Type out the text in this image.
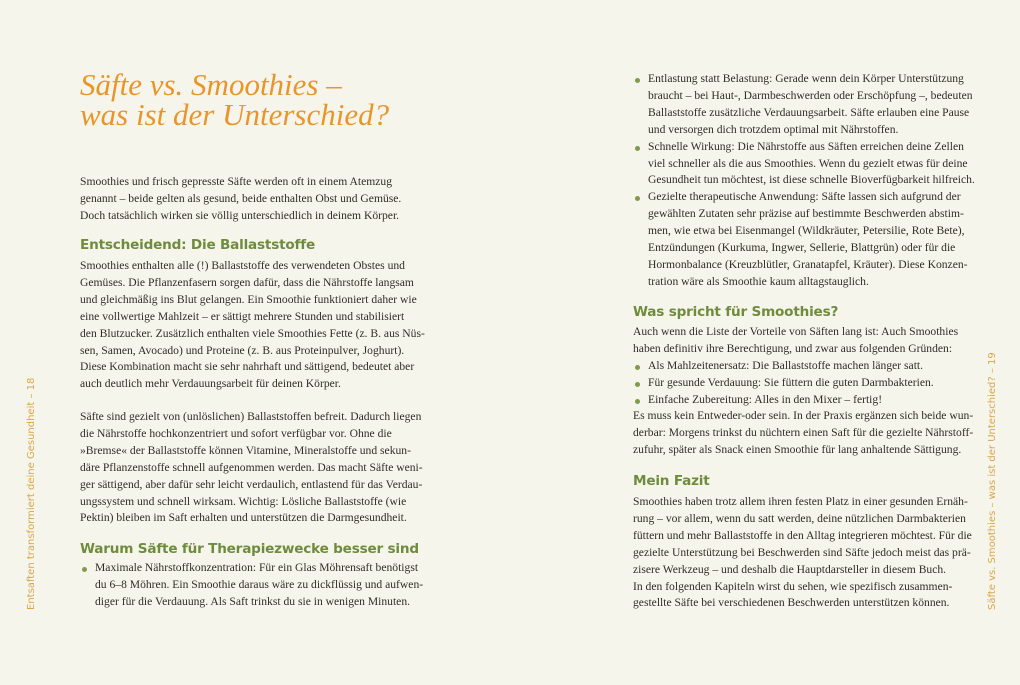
Säfte vs. Smoothies –
was ist der Unterschied?
Smoothies und frisch gepresste Säfte werden oft in einem Atemzug
genannt – beide gelten als gesund, beide enthalten Obst und Gemüse.
Doch tatsächlich wirken sie völlig unterschiedlich in deinem Körper.
Entscheidend: Die Ballaststoffe
Smoothies enthalten alle (!) Ballaststoffe des verwendeten Obstes und
Gemüses. Die Pflanzenfasern sorgen dafür, dass die Nährstoffe langsam
und gleichmäßig ins Blut gelangen. Ein Smoothie funktioniert daher wie
eine vollwertige Mahlzeit – er sättigt mehrere Stunden und stabilisiert
den Blutzucker. Zusätzlich enthalten viele Smoothies Fette (z. B. aus Nüs-
sen, Samen, Avocado) und Proteine (z. B. aus Proteinpulver, Joghurt).
Diese Kombination macht sie sehr nahrhaft und sättigend, bedeutet aber
auch deutlich mehr Verdauungsarbeit für deinen Körper.
Säfte sind gezielt von (unlöslichen) Ballaststoffen befreit. Dadurch liegen
die Nährstoffe hochkonzentriert und sofort verfügbar vor. Ohne die
»Bremse« der Ballaststoffe können Vitamine, Mineralstoffe und sekun-
däre Pflanzenstoffe schnell aufgenommen werden. Das macht Säfte weni-
ger sättigend, aber dafür sehr leicht verdaulich, entlastend für das Verdau-
ungssystem und schnell wirksam. Wichtig: Lösliche Ballaststoffe (wie
Pektin) bleiben im Saft erhalten und unterstützen die Darmgesundheit.
Warum Säfte für Therapiezwecke besser sind
Maximale Nährstoffkonzentration: Für ein Glas Möhrensaft benötigst
du 6–8 Möhren. Ein Smoothie daraus wäre zu dickflüssig und aufwen-
diger für die Verdauung. Als Saft trinkst du sie in wenigen Minuten.
Entsaften transformiert deine Gesundheit – 18
Entlastung statt Belastung: Gerade wenn dein Körper Unterstützung
braucht – bei Haut-, Darmbeschwerden oder Erschöpfung –, bedeuten
Ballaststoffe zusätzliche Verdauungsarbeit. Säfte erlauben eine Pause
und versorgen dich trotzdem optimal mit Nährstoffen.
Schnelle Wirkung: Die Nährstoffe aus Säften erreichen deine Zellen
viel schneller als die aus Smoothies. Wenn du gezielt etwas für deine
Gesundheit tun möchtest, ist diese schnelle Bioverfügbarkeit hilfreich.
Gezielte therapeutische Anwendung: Säfte lassen sich aufgrund der
gewählten Zutaten sehr präzise auf bestimmte Beschwerden abstim-
men, wie etwa bei Eisenmangel (Wildkräuter, Petersilie, Rote Bete),
Entzündungen (Kurkuma, Ingwer, Sellerie, Blattgrün) oder für die
Hormonbalance (Kreuzblütler, Granatapfel, Kräuter). Diese Konzen-
tration wäre als Smoothie kaum alltagstauglich.
Was spricht für Smoothies?
Auch wenn die Liste der Vorteile von Säften lang ist: Auch Smoothies
haben definitiv ihre Berechtigung, und zwar aus folgenden Gründen:
Als Mahlzeitenersatz: Die Ballaststoffe machen länger satt.
Für gesunde Verdauung: Sie füttern die guten Darmbakterien.
Einfache Zubereitung: Alles in den Mixer – fertig!
Es muss kein Entweder-oder sein. In der Praxis ergänzen sich beide wun-
derbar: Morgens trinkst du nüchtern einen Saft für die gezielte Nährstoff-
zufuhr, später als Snack einen Smoothie für lang anhaltende Sättigung.
Mein Fazit
Smoothies haben trotz allem ihren festen Platz in einer gesunden Ernäh-
rung – vor allem, wenn du satt werden, deine nützlichen Darmbakterien
füttern und mehr Ballaststoffe in den Alltag integrieren möchtest. Für die
gezielte Unterstützung bei Beschwerden sind Säfte jedoch meist das prä-
zisere Werkzeug – und deshalb die Hauptdarsteller in diesem Buch.
In den folgenden Kapiteln wirst du sehen, wie spezifisch zusammen-
gestellte Säfte bei verschiedenen Beschwerden unterstützen können.	Säfte vs. Smoothies – was ist der Unterschied? – 19
